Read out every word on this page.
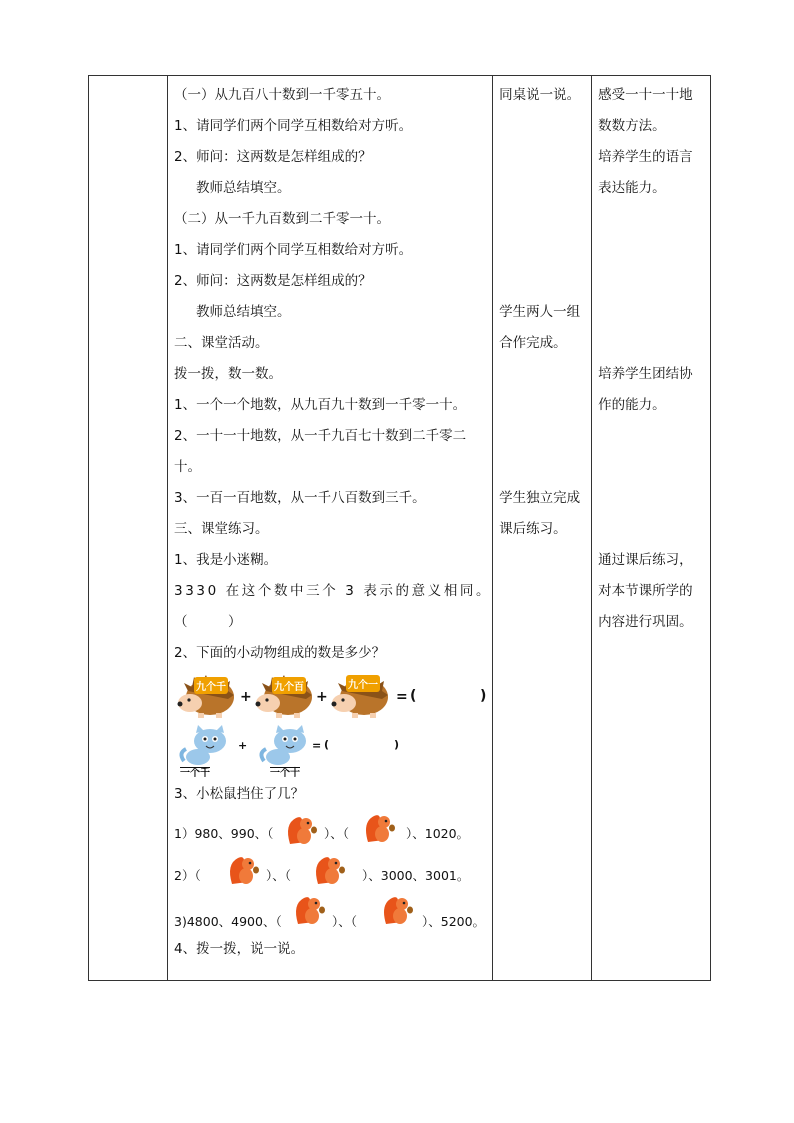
（一）从九百八十数到一千零五十。
1、请同学们两个同学互相数给对方听。
2、师问：这两数是怎样组成的？
教师总结填空。
（二）从一千九百数到二千零一十。
1、请同学们两个同学互相数给对方听。
2、师问：这两数是怎样组成的？
教师总结填空。
二、课堂活动。
拨一拨，数一数。
1、一个一个地数，从九百九十数到一千零一十。
2、一十一十地数，从一千九百七十数到二千零二
十。
3、一百一百地数，从一千八百数到三千。
三、课堂练习。
1、我是小迷糊。
3330 在这个数中三个 3 表示的意义相同。
（　　　）
2、下面的小动物组成的数是多少？
九个千
+
九个百
+
九个一
= (	)
一个千
+
一个十
= (	)
3、小松鼠挡住了几？
1）980、990、（	）、（	）、1020。
2）（	）、（	）、3000、3001。
3)4800、4900、（	）、（	）、5200。
4、拨一拨，说一说。

同桌说一说。
学生两人一组
合作完成。
学生独立完成
课后练习。

感受一十一十地
数数方法。
培养学生的语言
表达能力。
培养学生团结协
作的能力。
通过课后练习，
对本节课所学的
内容进行巩固。
